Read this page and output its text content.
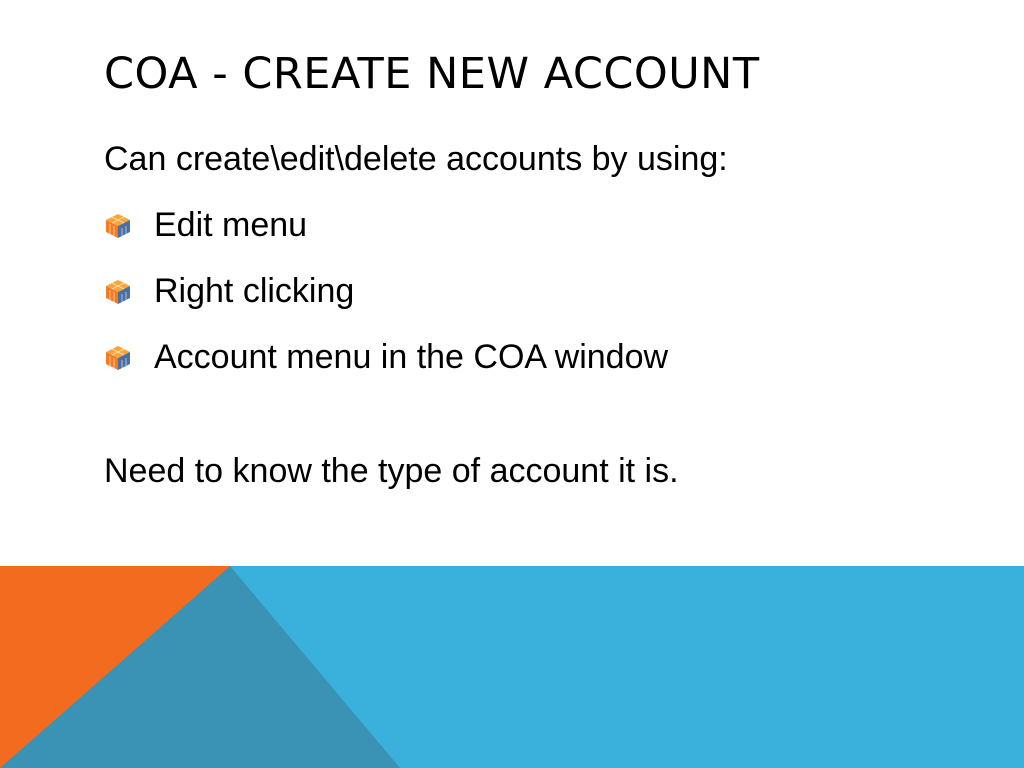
COA - CREATE NEW ACCOUNT
Can create\edit\delete accounts by using:
Edit menu
Right clicking
Account menu in the COA window
Need to know the type of account it is.
